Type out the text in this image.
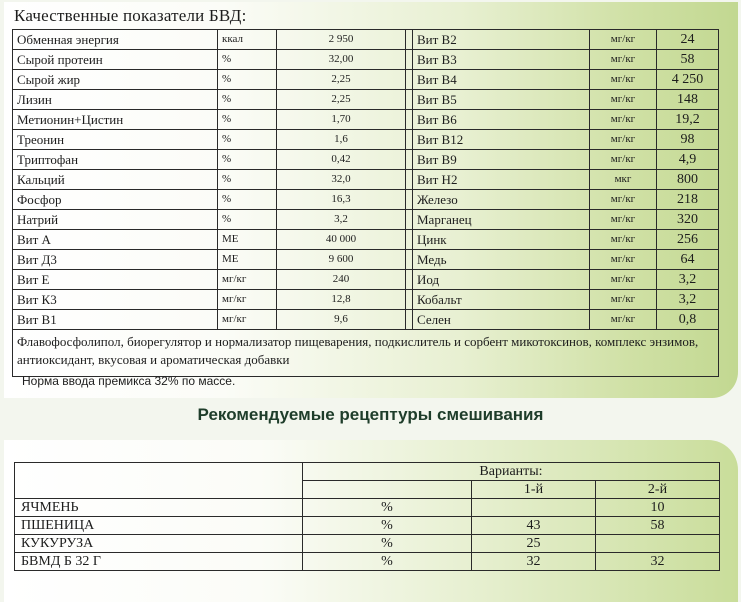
Качественные показатели БВД:
Обменная энергия	ккал	2 950		Вит В2	мг/кг	24
Сырой протеин	%	32,00		Вит В3	мг/кг	58
Сырой жир	%	2,25		Вит В4	мг/кг	4 250
Лизин	%	2,25		Вит В5	мг/кг	148
Метионин+Цистин	%	1,70		Вит В6	мг/кг	19,2
Треонин	%	1,6		Вит В12	мг/кг	98
Триптофан	%	0,42		Вит В9	мг/кг	4,9
Кальций	%	32,0		Вит Н2	мкг	800
Фосфор	%	16,3		Железо	мг/кг	218
Натрий	%	3,2		Марганец	мг/кг	320
Вит А	МЕ	40 000		Цинк	мг/кг	256
Вит Д3	МЕ	9 600		Медь	мг/кг	64
Вит Е	мг/кг	240		Иод	мг/кг	3,2
Вит К3	мг/кг	12,8		Кобальт	мг/кг	3,2
Вит В1	мг/кг	9,6		Селен	мг/кг	0,8
Флавофосфолипол, биорегулятор и нормализатор пищеварения, подкислитель и сорбент микотоксинов, комплекс энзимов, антиоксидант, вкусовая и ароматическая добавки						
Норма ввода премикса 32% по массе.
Рекомендуемые рецептуры смешивания
	Варианты:		
		1-й	2-й
ЯЧМЕНЬ	%		10
ПШЕНИЦА	%	43	58
КУКУРУЗА	%	25	
БВМД Б 32 Г	%	32	32
